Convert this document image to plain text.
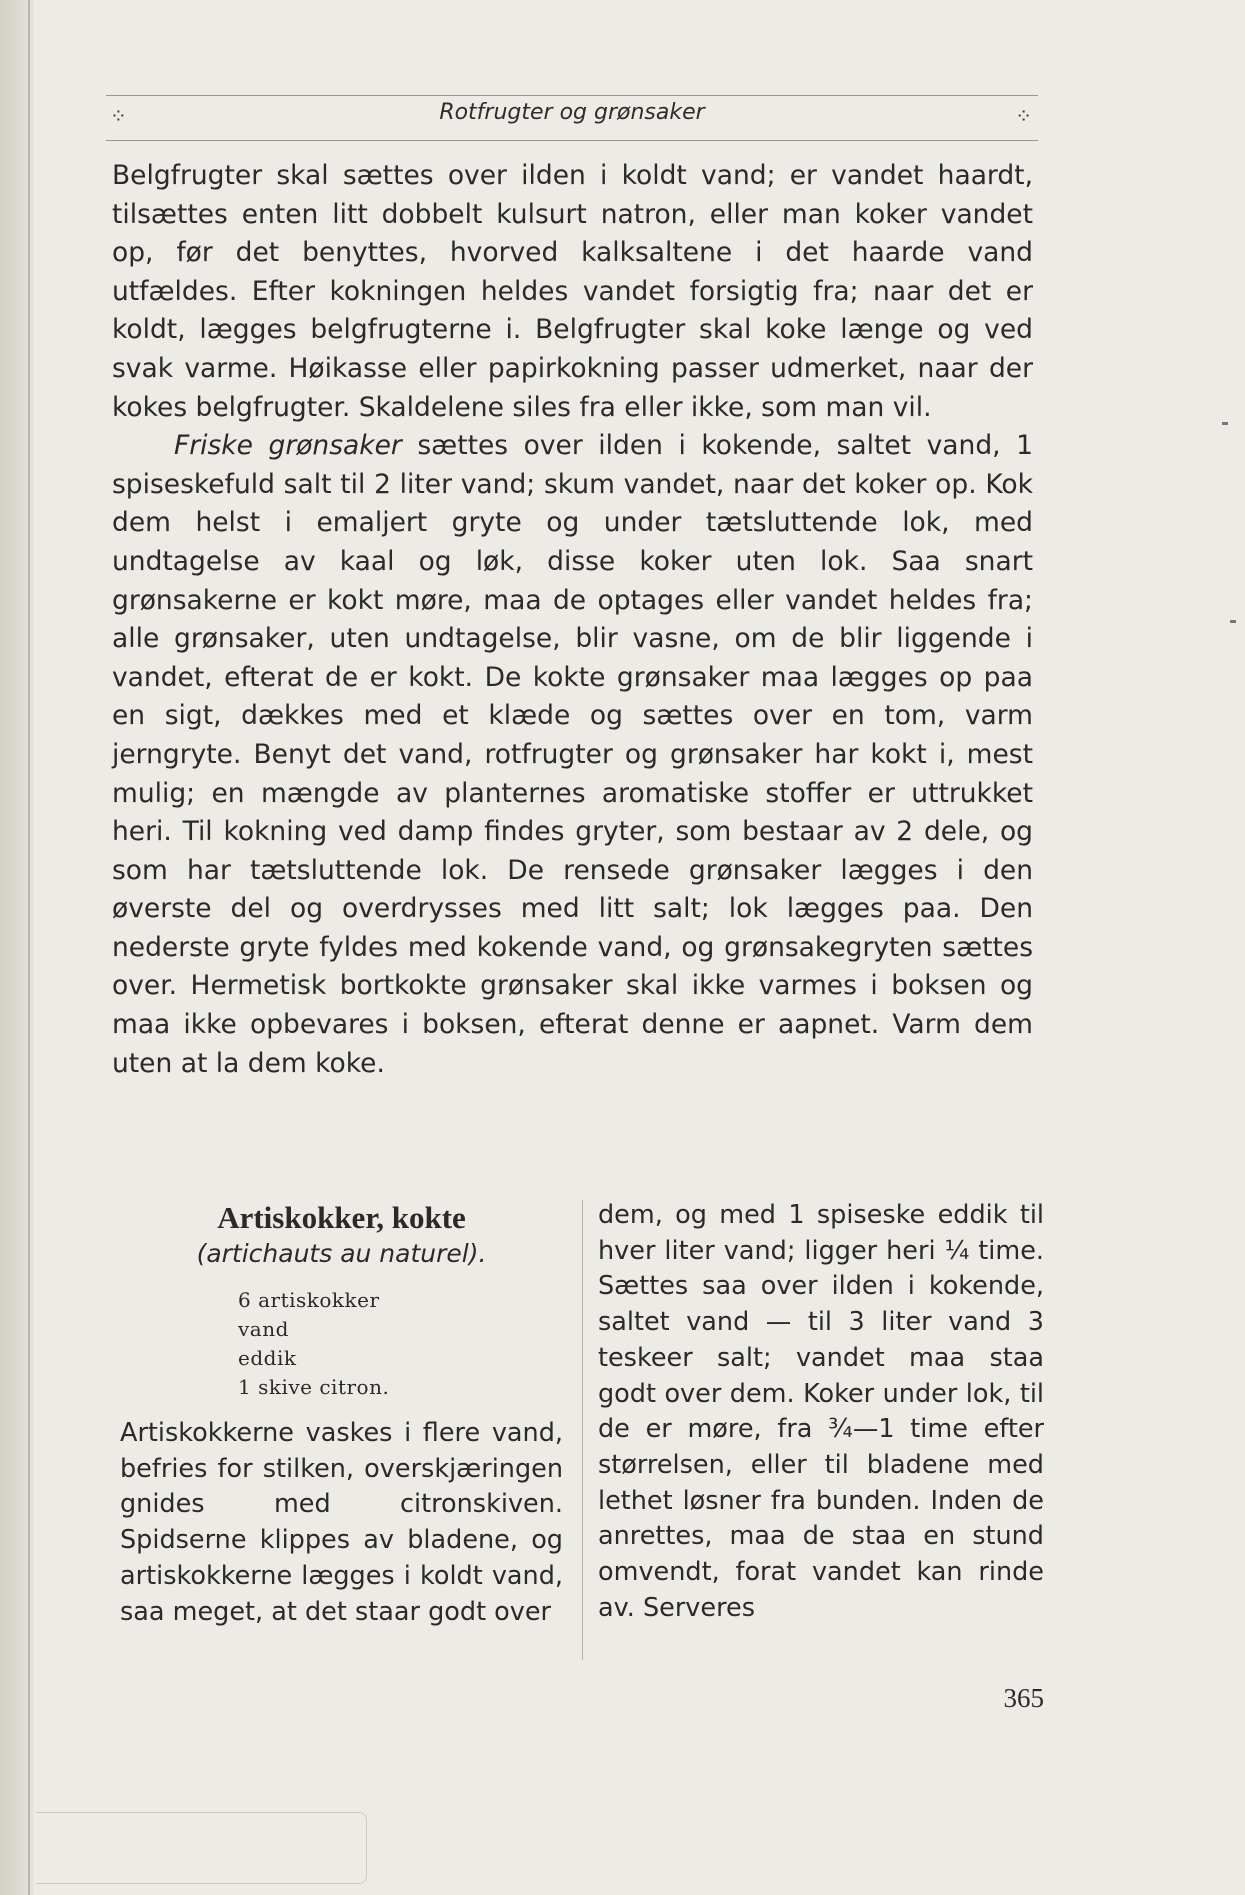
⁘	Rotfrugter og grønsaker	⁘

Belgfrugter skal sættes over ilden i koldt vand; er vandet haardt, tilsættes enten litt dobbelt kulsurt natron, eller man koker vandet op, før det benyttes, hvorved kalksaltene i det haarde vand utfældes. Efter kokningen heldes vandet forsigtig fra; naar det er koldt, lægges belgfrugterne i. Belgfrugter skal koke længe og ved svak varme. Høikasse eller papirkokning passer udmerket, naar der kokes belgfrugter. Skaldelene siles fra eller ikke, som man vil.

Friske grønsaker sættes over ilden i kokende, saltet vand, 1 spiseskefuld salt til 2 liter vand; skum vandet, naar det koker op. Kok dem helst i emaljert gryte og under tætsluttende lok, med undtagelse av kaal og løk, disse koker uten lok. Saa snart grønsakerne er kokt møre, maa de optages eller vandet heldes fra; alle grønsaker, uten undtagelse, blir vasne, om de blir liggende i vandet, efterat de er kokt. De kokte grønsaker maa lægges op paa en sigt, dækkes med et klæde og sættes over en tom, varm jerngryte. Benyt det vand, rotfrugter og grønsaker har kokt i, mest mulig; en mængde av planternes aromatiske stoffer er uttrukket heri. Til kokning ved damp findes gryter, som bestaar av 2 dele, og som har tætsluttende lok. De rensede grønsaker lægges i den øverste del og overdrysses med litt salt; lok lægges paa. Den nederste gryte fyldes med kokende vand, og grønsakegryten sættes over. Hermetisk bortkokte grønsaker skal ikke varmes i boksen og maa ikke opbevares i boksen, efterat denne er aapnet. Varm dem uten at la dem koke.

Artiskokker, kokte

(artichauts au naturel).

6 artiskokker
vand
eddik
1 skive citron.

Artiskokkerne vaskes i flere vand, befries for stilken, overskjæringen gnides med citronskiven. Spidserne klippes av bladene, og artiskokkerne lægges i koldt vand, saa meget, at det staar godt over

dem, og med 1 spiseske eddik til hver liter vand; ligger heri ¼ time. Sættes saa over ilden i kokende, saltet vand — til 3 liter vand 3 teskeer salt; vandet maa staa godt over dem. Koker under lok, til de er møre, fra ¾—1 time efter størrelsen, eller til bladene med lethet løsner fra bunden. Inden de anrettes, maa de staa en stund omvendt, forat vandet kan rinde av. Serveres

365
